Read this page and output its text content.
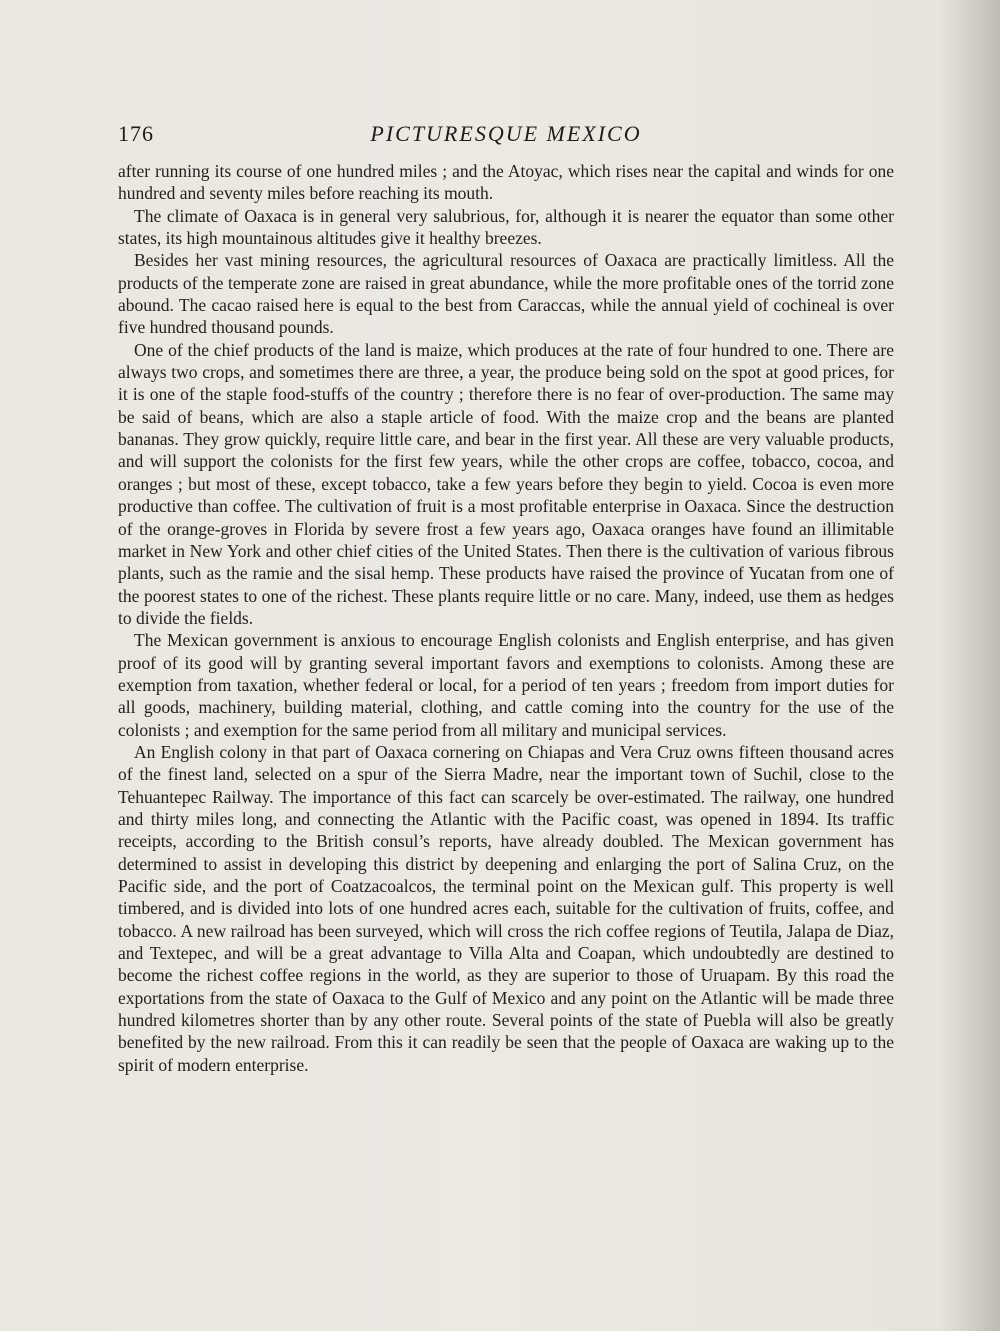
176	PICTURESQUE MEXICO

after running its course of one hundred miles ; and the Atoyac, which rises near the capital and winds for one hundred and seventy miles before reaching its mouth.

The climate of Oaxaca is in general very salubrious, for, although it is nearer the equator than some other states, its high mountainous altitudes give it healthy breezes.

Besides her vast mining resources, the agricultural resources of Oaxaca are practically limitless. All the products of the temperate zone are raised in great abundance, while the more profitable ones of the torrid zone abound. The cacao raised here is equal to the best from Caraccas, while the annual yield of cochineal is over five hundred thousand pounds.

One of the chief products of the land is maize, which produces at the rate of four hundred to one. There are always two crops, and sometimes there are three, a year, the produce being sold on the spot at good prices, for it is one of the staple food-stuffs of the country ; therefore there is no fear of over-production. The same may be said of beans, which are also a staple article of food. With the maize crop and the beans are planted bananas. They grow quickly, require little care, and bear in the first year. All these are very valuable products, and will support the colonists for the first few years, while the other crops are coffee, tobacco, cocoa, and oranges ; but most of these, except tobacco, take a few years before they begin to yield. Cocoa is even more productive than coffee. The cultivation of fruit is a most profitable enterprise in Oaxaca. Since the destruction of the orange-groves in Florida by severe frost a few years ago, Oaxaca oranges have found an illimitable market in New York and other chief cities of the United States. Then there is the cultivation of various fibrous plants, such as the ramie and the sisal hemp. These products have raised the province of Yucatan from one of the poorest states to one of the richest. These plants require little or no care. Many, indeed, use them as hedges to divide the fields.

The Mexican government is anxious to encourage English colonists and English enterprise, and has given proof of its good will by granting several important favors and exemptions to colonists. Among these are exemption from taxation, whether federal or local, for a period of ten years ; freedom from import duties for all goods, machinery, building material, clothing, and cattle coming into the country for the use of the colonists ; and exemption for the same period from all military and municipal services.

An English colony in that part of Oaxaca cornering on Chiapas and Vera Cruz owns fifteen thousand acres of the finest land, selected on a spur of the Sierra Madre, near the important town of Suchil, close to the Tehuantepec Railway. The importance of this fact can scarcely be over-estimated. The railway, one hundred and thirty miles long, and connecting the Atlantic with the Pacific coast, was opened in 1894. Its traffic receipts, according to the British consul’s reports, have already doubled. The Mexican government has determined to assist in developing this district by deepening and enlarging the port of Salina Cruz, on the Pacific side, and the port of Coatzacoalcos, the terminal point on the Mexican gulf. This property is well timbered, and is divided into lots of one hundred acres each, suitable for the cultivation of fruits, coffee, and tobacco. A new railroad has been surveyed, which will cross the rich coffee regions of Teutila, Jalapa de Diaz, and Textepec, and will be a great advantage to Villa Alta and Coapan, which undoubtedly are destined to become the richest coffee regions in the world, as they are superior to those of Uruapam. By this road the exportations from the state of Oaxaca to the Gulf of Mexico and any point on the Atlantic will be made three hundred kilometres shorter than by any other route. Several points of the state of Puebla will also be greatly benefited by the new railroad. From this it can readily be seen that the people of Oaxaca are waking up to the spirit of modern enterprise.
